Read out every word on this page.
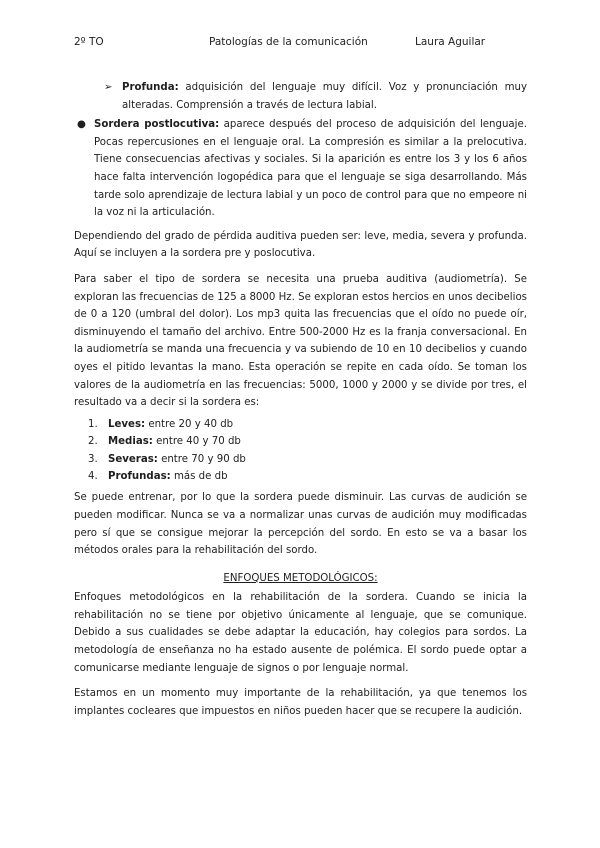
2º TO	Patologías de la comunicación	Laura Aguilar
➢ Profunda: adquisición del lenguaje muy difícil. Voz y pronunciación muy alteradas. Comprensión a través de lectura labial.
● Sordera postlocutiva: aparece después del proceso de adquisición del lenguaje. Pocas repercusiones en el lenguaje oral. La compresión es similar a la prelocutiva. Tiene consecuencias afectivas y sociales. Si la aparición es entre los 3 y los 6 años hace falta intervención logopédica para que el lenguaje se siga desarrollando. Más tarde solo aprendizaje de lectura labial y un poco de control para que no empeore ni la voz ni la articulación.

Dependiendo del grado de pérdida auditiva pueden ser: leve, media, severa y profunda. Aquí se incluyen a la sordera pre y poslocutiva.

Para saber el tipo de sordera se necesita una prueba auditiva (audiometría). Se exploran las frecuencias de 125 a 8000 Hz. Se exploran estos hercios en unos decibelios de 0 a 120 (umbral del dolor). Los mp3 quita las frecuencias que el oído no puede oír, disminuyendo el tamaño del archivo. Entre 500-2000 Hz es la franja conversacional. En la audiometría se manda una frecuencia y va subiendo de 10 en 10 decibelios y cuando oyes el pitido levantas la mano. Esta operación se repite en cada oído. Se toman los valores de la audiometría en las frecuencias: 5000, 1000 y 2000 y se divide por tres, el resultado va a decir si la sordera es:

1. Leves: entre 20 y 40 db
2. Medias: entre 40 y 70 db
3. Severas: entre 70 y 90 db
4. Profundas: más de db

Se puede entrenar, por lo que la sordera puede disminuir. Las curvas de audición se pueden modificar. Nunca se va a normalizar unas curvas de audición muy modificadas pero sí que se consigue mejorar la percepción del sordo. En esto se va a basar los métodos orales para la rehabilitación del sordo.

ENFOQUES METODOLÓGICOS:

Enfoques metodológicos en la rehabilitación de la sordera. Cuando se inicia la rehabilitación no se tiene por objetivo únicamente al lenguaje, que se comunique. Debido a sus cualidades se debe adaptar la educación, hay colegios para sordos. La metodología de enseñanza no ha estado ausente de polémica. El sordo puede optar a comunicarse mediante lenguaje de signos o por lenguaje normal.

Estamos en un momento muy importante de la rehabilitación, ya que tenemos los implantes cocleares que impuestos en niños pueden hacer que se recupere la audición.
